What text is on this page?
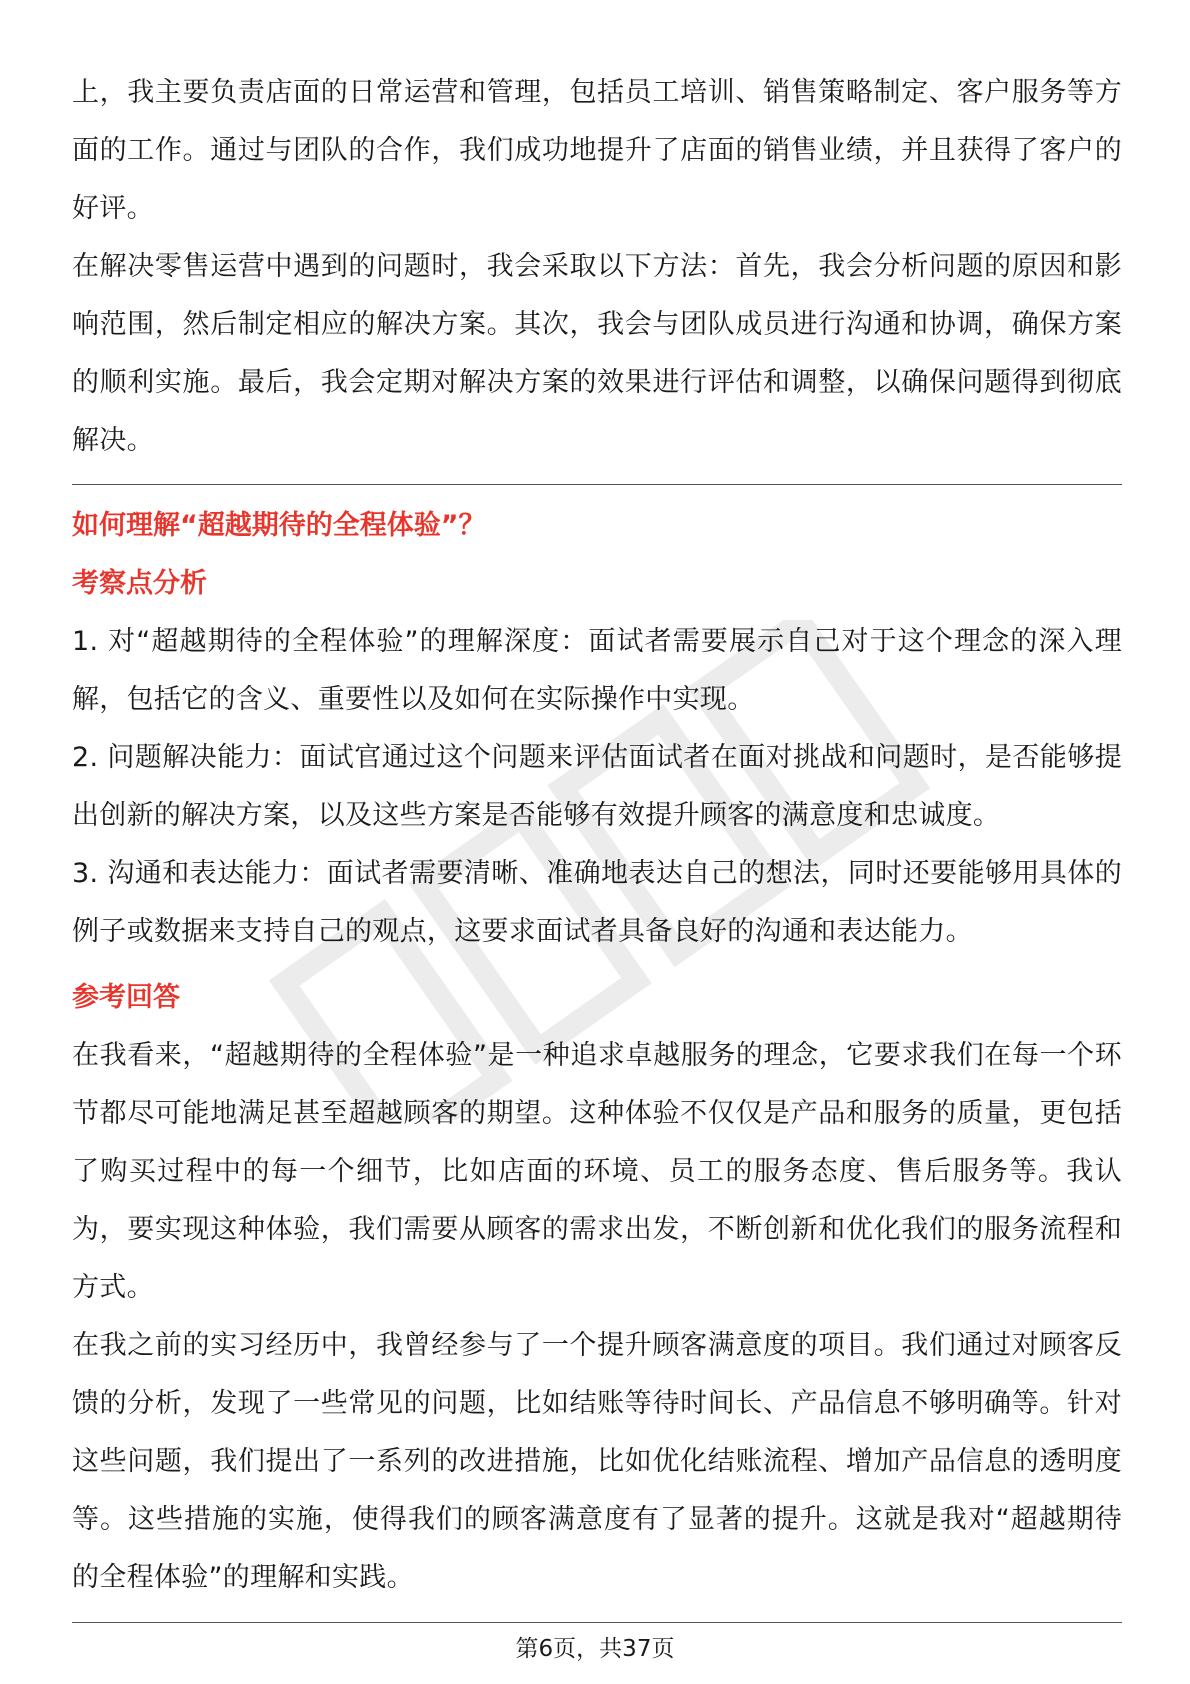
上，我主要负责店面的日常运营和管理，包括员工培训、销售策略制定、客户服务等方面的工作。通过与团队的合作，我们成功地提升了店面的销售业绩，并且获得了客户的好评。

在解决零售运营中遇到的问题时，我会采取以下方法：首先，我会分析问题的原因和影响范围，然后制定相应的解决方案。其次，我会与团队成员进行沟通和协调，确保方案的顺利实施。最后，我会定期对解决方案的效果进行评估和调整，以确保问题得到彻底解决。

如何理解“超越期待的全程体验”？

考察点分析

1. 对“超越期待的全程体验”的理解深度：面试者需要展示自己对于这个理念的深入理解，包括它的含义、重要性以及如何在实际操作中实现。

2. 问题解决能力：面试官通过这个问题来评估面试者在面对挑战和问题时，是否能够提出创新的解决方案，以及这些方案是否能够有效提升顾客的满意度和忠诚度。

3. 沟通和表达能力：面试者需要清晰、准确地表达自己的想法，同时还要能够用具体的例子或数据来支持自己的观点，这要求面试者具备良好的沟通和表达能力。

参考回答

在我看来，“超越期待的全程体验”是一种追求卓越服务的理念，它要求我们在每一个环节都尽可能地满足甚至超越顾客的期望。这种体验不仅仅是产品和服务的质量，更包括了购买过程中的每一个细节，比如店面的环境、员工的服务态度、售后服务等。我认为，要实现这种体验，我们需要从顾客的需求出发，不断创新和优化我们的服务流程和方式。

在我之前的实习经历中，我曾经参与了一个提升顾客满意度的项目。我们通过对顾客反馈的分析，发现了一些常见的问题，比如结账等待时间长、产品信息不够明确等。针对这些问题，我们提出了一系列的改进措施，比如优化结账流程、增加产品信息的透明度等。这些措施的实施，使得我们的顾客满意度有了显著的提升。这就是我对“超越期待的全程体验”的理解和实践。

第6页，共37页
